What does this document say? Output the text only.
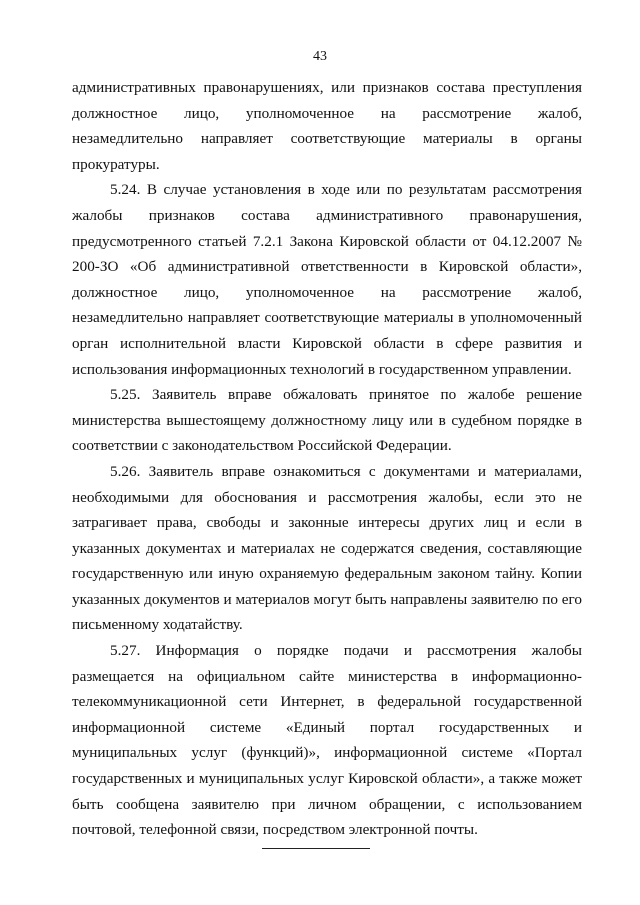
43

административных правонарушениях, или признаков состава преступления должностное лицо, уполномоченное на рассмотрение жалоб, незамедлительно направляет соответствующие материалы в органы прокуратуры.

5.24. В случае установления в ходе или по результатам рассмотрения жалобы признаков состава административного правонарушения, предусмотренного статьей 7.2.1 Закона Кировской области от 04.12.2007 № 200-ЗО «Об административной ответственности в Кировской области», должностное лицо, уполномоченное на рассмотрение жалоб, незамедлительно направляет соответствующие материалы в уполномоченный орган исполнительной власти Кировской области в сфере развития и использования информационных технологий в государственном управлении.

5.25. Заявитель вправе обжаловать принятое по жалобе решение министерства вышестоящему должностному лицу или в судебном порядке в соответствии с законодательством Российской Федерации.

5.26. Заявитель вправе ознакомиться с документами и материалами, необходимыми для обоснования и рассмотрения жалобы, если это не затрагивает права, свободы и законные интересы других лиц и если в указанных документах и материалах не содержатся сведения, составляющие государственную или иную охраняемую федеральным законом тайну. Копии указанных документов и материалов могут быть направлены заявителю по его письменному ходатайству.

5.27. Информация о порядке подачи и рассмотрения жалобы размещается на официальном сайте министерства в информационно-телекоммуникационной сети Интернет, в федеральной государственной информационной системе «Единый портал государственных и муниципальных услуг (функций)», информационной системе «Портал государственных и муниципальных услуг Кировской области», а также может быть сообщена заявителю при личном обращении, с использованием почтовой, телефонной связи, посредством электронной почты.
